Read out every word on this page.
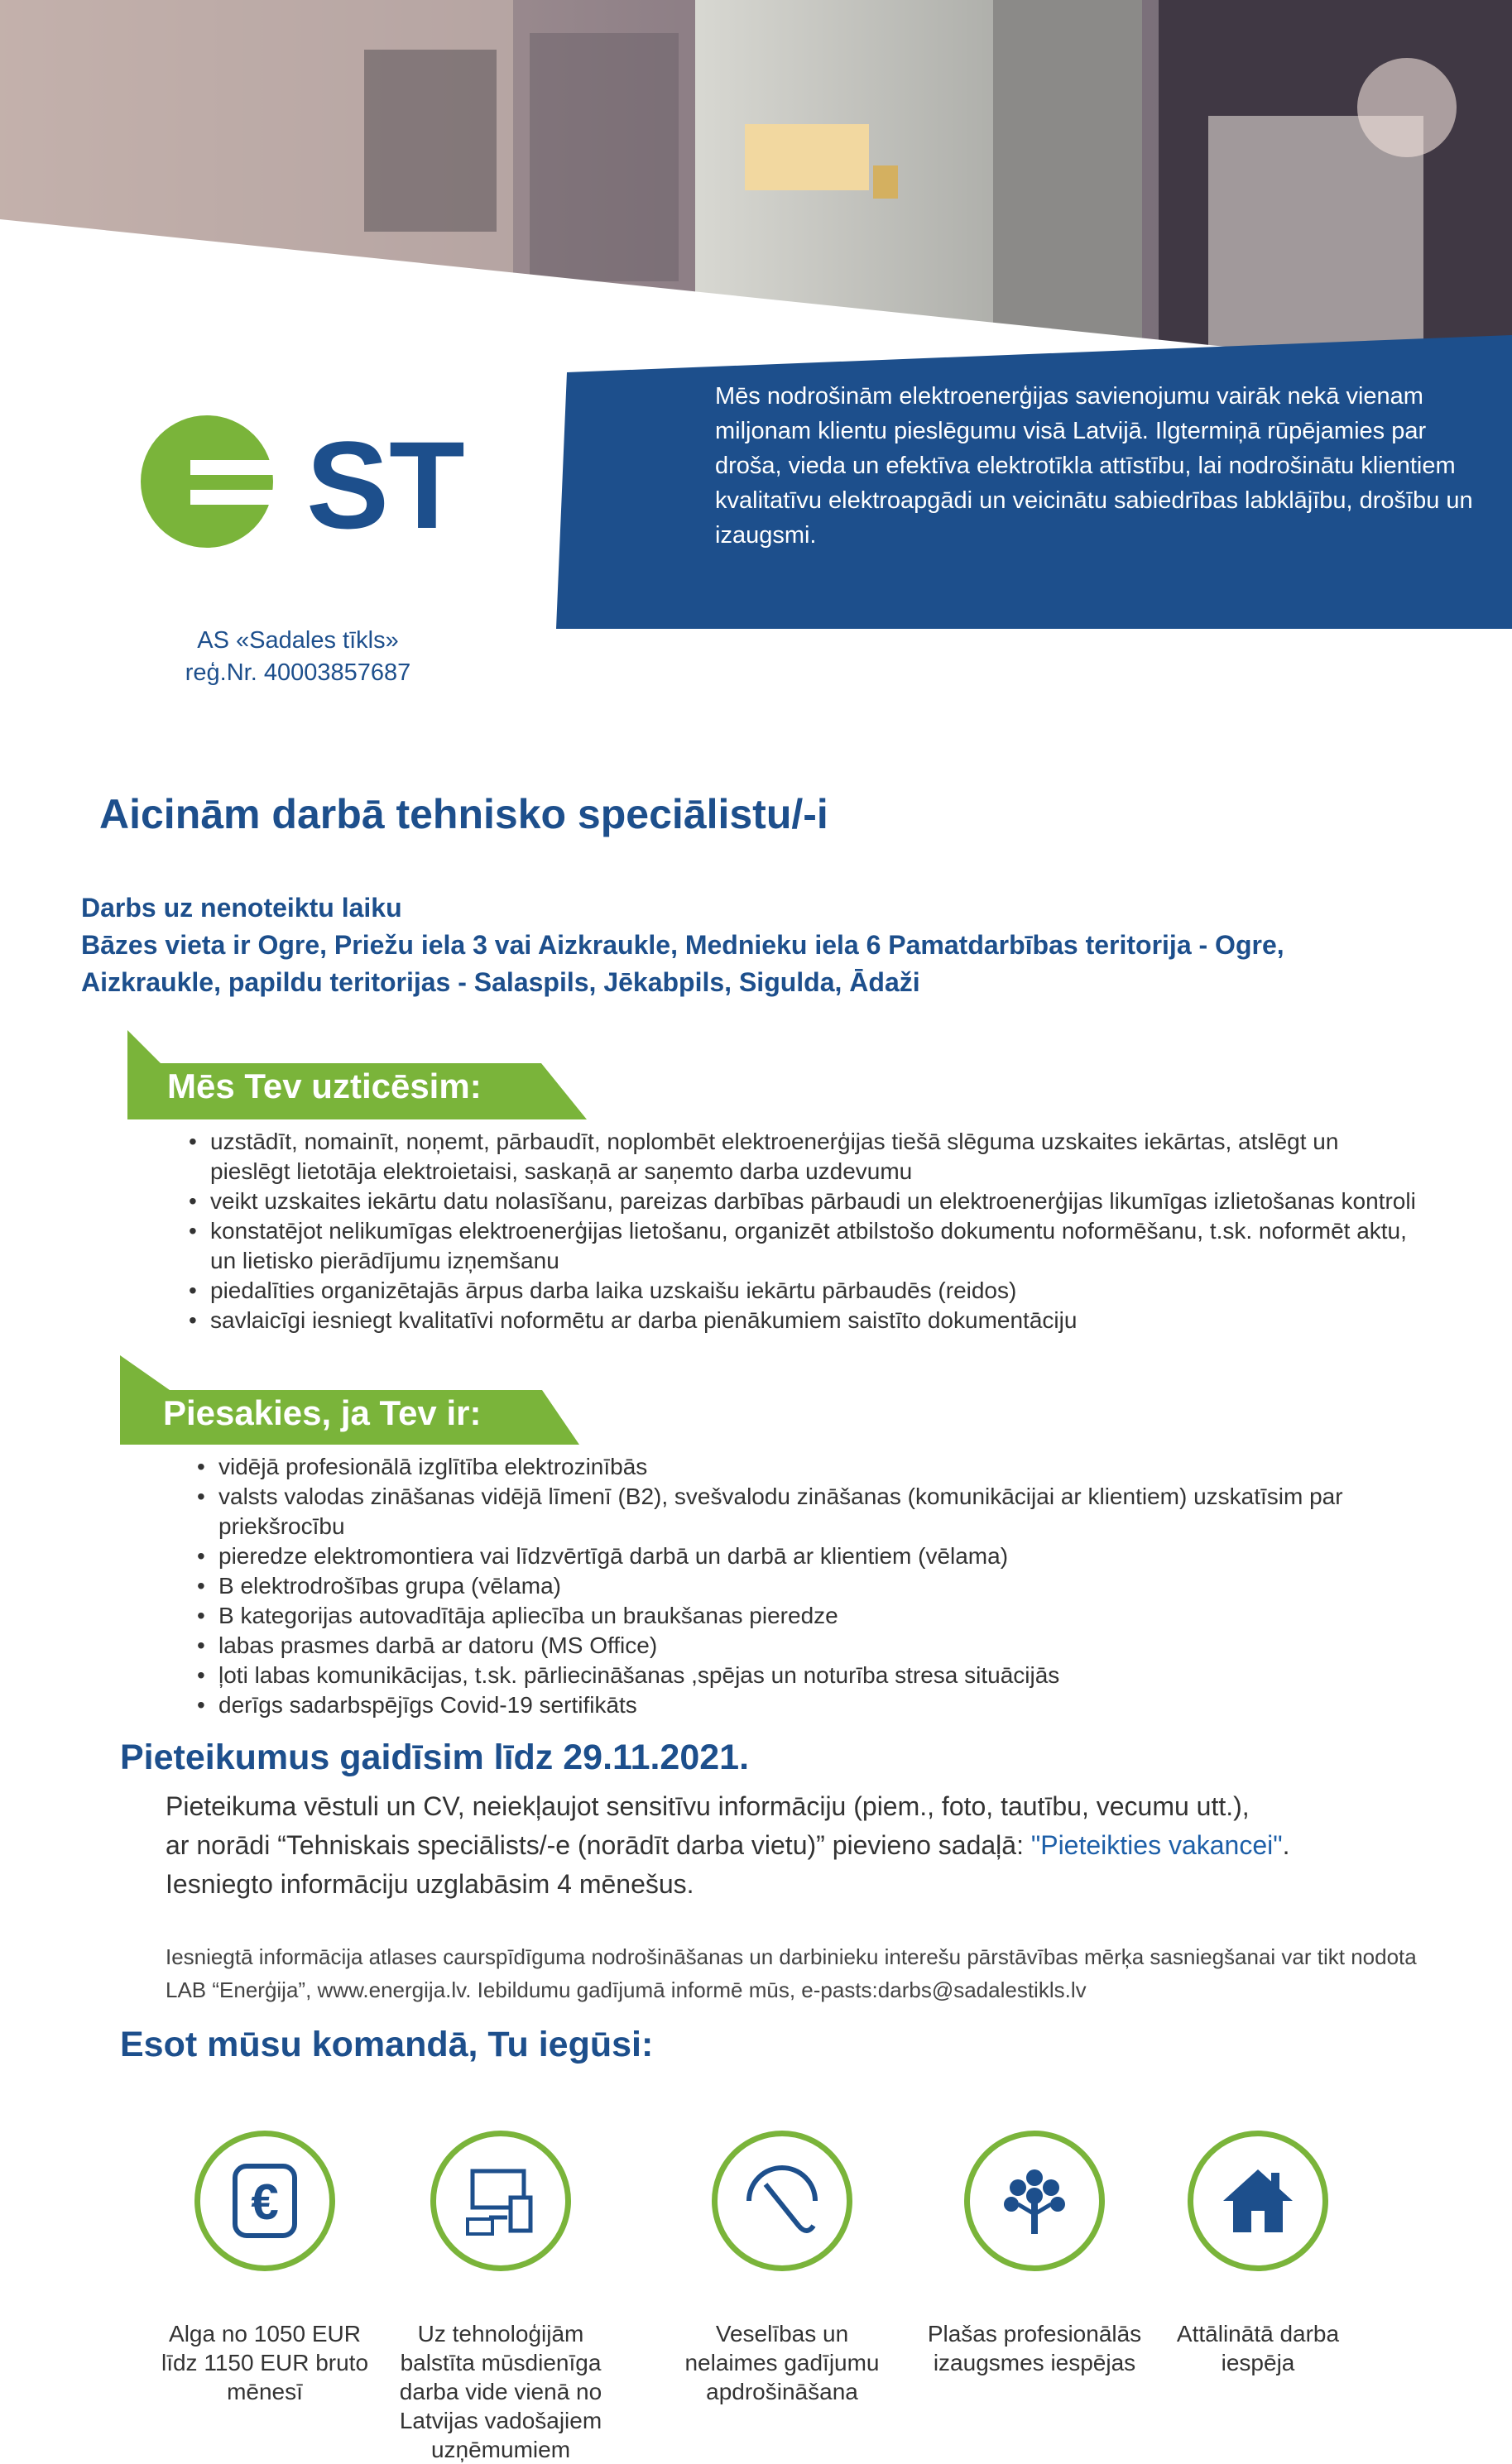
Mēs nodrošinām elektroenerģijas savienojumu vairāk nekā vienam miljonam klientu pieslēgumu visā Latvijā. Ilgtermiņā rūpējamies par droša, vieda un efektīva elektrotīkla attīstību, lai nodrošinātu klientiem kvalitatīvu elektroapgādi un veicinātu sabiedrības labklājību, drošību un izaugsmi.
ST
AS «Sadales tīkls»
reģ.Nr. 40003857687
Aicinām darbā tehnisko speciālistu/-i
Darbs uz nenoteiktu laiku
Bāzes vieta ir Ogre, Priežu iela 3 vai Aizkraukle, Mednieku iela 6 Pamatdarbības teritorija - Ogre,
Aizkraukle, papildu teritorijas - Salaspils, Jēkabpils, Sigulda, Ādaži
Mēs Tev uzticēsim:
• uzstādīt, nomainīt, noņemt, pārbaudīt, noplombēt elektroenerģijas tiešā slēguma uzskaites iekārtas, atslēgt un pieslēgt lietotāja elektroietaisi, saskaņā ar saņemto darba uzdevumu
• veikt uzskaites iekārtu datu nolasīšanu, pareizas darbības pārbaudi un elektroenerģijas likumīgas izlietošanas kontroli
• konstatējot nelikumīgas elektroenerģijas lietošanu, organizēt atbilstošo dokumentu noformēšanu, t.sk. noformēt aktu, un lietisko pierādījumu izņemšanu
• piedalīties organizētajās ārpus darba laika uzskaišu iekārtu pārbaudēs (reidos)
• savlaicīgi iesniegt kvalitatīvi noformētu ar darba pienākumiem saistīto dokumentāciju
Piesakies, ja Tev ir:
• vidējā profesionālā izglītība elektrozinībās
• valsts valodas zināšanas vidējā līmenī (B2), svešvalodu zināšanas (komunikācijai ar klientiem) uzskatīsim par priekšrocību
• pieredze elektromontiera vai līdzvērtīgā darbā un darbā ar klientiem (vēlama)
• B elektrodrošības grupa (vēlama)
• B kategorijas autovadītāja apliecība un braukšanas pieredze
• labas prasmes darbā ar datoru (MS Office)
• ļoti labas komunikācijas, t.sk. pārliecināšanas ,spējas un noturība stresa situācijās
• derīgs sadarbspējīgs Covid-19 sertifikāts
Pieteikumus gaidīsim līdz 29.11.2021.
Pieteikuma vēstuli un CV, neiekļaujot sensitīvu informāciju (piem., foto, tautību, vecumu utt.),
ar norādi “Tehniskais speciālists/-e (norādīt darba vietu)” pievieno sadaļā: "Pieteikties vakancei".
Iesniegto informāciju uzglabāsim 4 mēnešus.
Iesniegtā informācija atlases caurspīdīguma nodrošināšanas un darbinieku interešu pārstāvības mērķa sasniegšanai var tikt nodota LAB “Enerģija”, www.energija.lv. Iebildumu gadījumā informē mūs, e-pasts:darbs@sadalestikls.lv
Esot mūsu komandā, Tu iegūsi:
€
Alga no 1050 EUR līdz 1150 EUR bruto mēnesī
Uz tehnoloģijām balstīta mūsdienīga darba vide vienā no Latvijas vadošajiem uzņēmumiem
Veselības un nelaimes gadījumu apdrošināšana
Plašas profesionālās izaugsmes iespējas
Attālinātā darba iespēja
